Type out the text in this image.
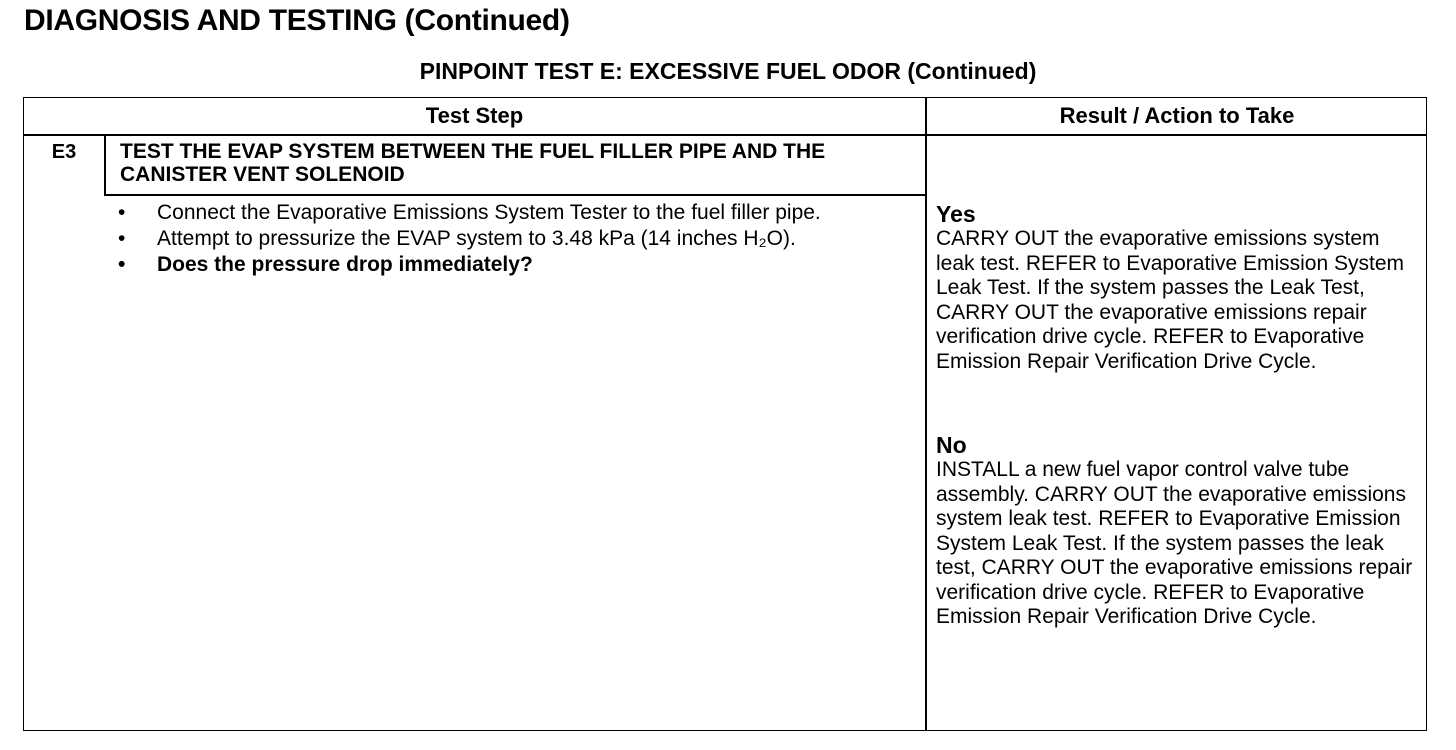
DIAGNOSIS AND TESTING (Continued)
PINPOINT TEST E: EXCESSIVE FUEL ODOR (Continued)
Test Step	Result / Action to Take
E3	TEST THE EVAP SYSTEM BETWEEN THE FUEL FILLER PIPE AND THE CANISTER VENT SOLENOID
• Connect the Evaporative Emissions System Tester to the fuel filler pipe.
• Attempt to pressurize the EVAP system to 3.48 kPa (14 inches H₂O).
• Does the pressure drop immediately?
Yes
CARRY OUT the evaporative emissions system leak test. REFER to Evaporative Emission System Leak Test. If the system passes the Leak Test, CARRY OUT the evaporative emissions repair verification drive cycle. REFER to Evaporative Emission Repair Verification Drive Cycle.
No
INSTALL a new fuel vapor control valve tube assembly. CARRY OUT the evaporative emissions system leak test. REFER to Evaporative Emission System Leak Test. If the system passes the leak test, CARRY OUT the evaporative emissions repair verification drive cycle. REFER to Evaporative Emission Repair Verification Drive Cycle.
